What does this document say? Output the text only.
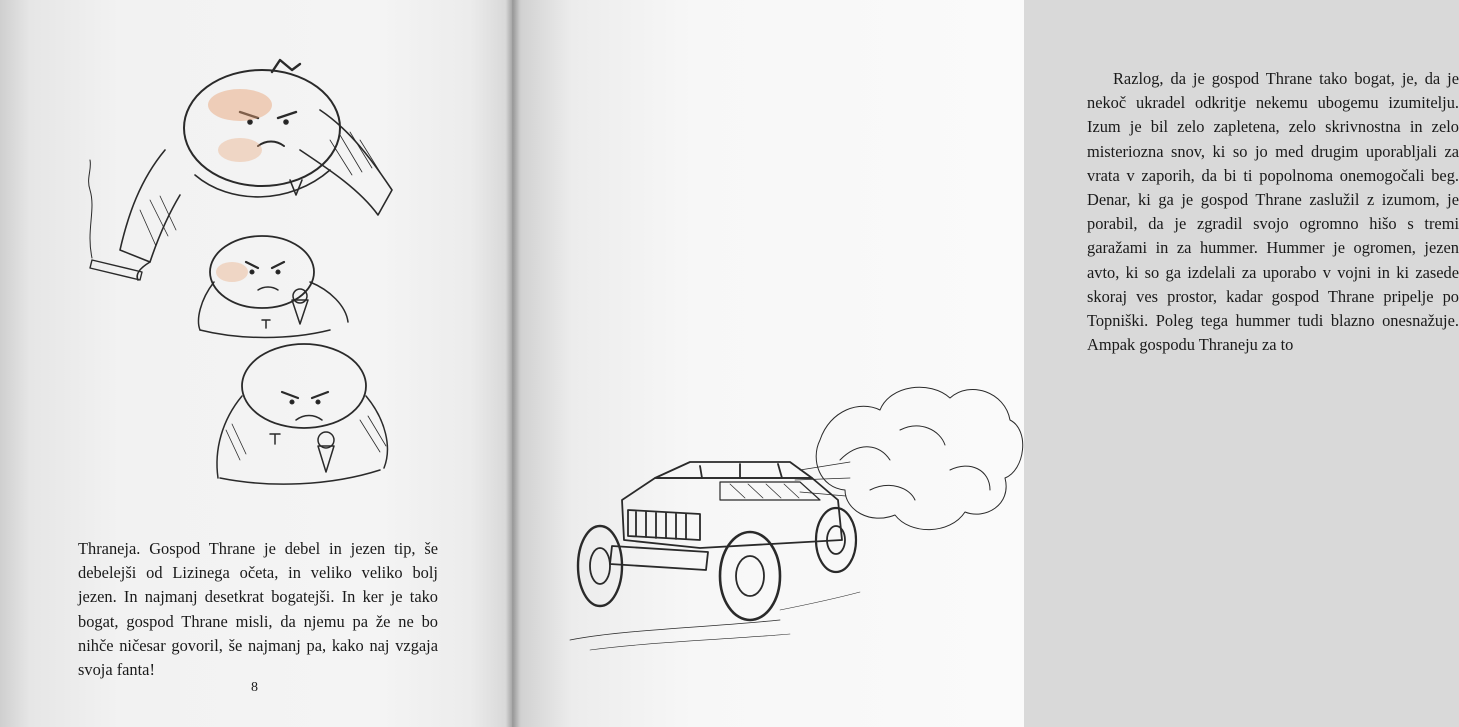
Thraneja. Gospod Thrane je debel in jezen tip, še debelejši od Lizinega očeta, in veliko veliko bolj jezen. In najmanj desetkrat bogatejši. In ker je tako bogat, gospod Thrane misli, da njemu pa že ne bo nihče ničesar govoril, še najmanj pa, kako naj vzgaja svoja fanta!

8

Razlog, da je gospod Thrane tako bogat, je, da je nekoč ukradel odkritje nekemu ubogemu izumitelju. Izum je bil zelo zapletena, zelo skrivnostna in zelo misteriozna snov, ki so jo med drugim uporabljali za vrata v zaporih, da bi ti popolnoma onemogočali beg. Denar, ki ga je gospod Thrane zaslužil z izumom, je porabil, da je zgradil svojo ogromno hišo s tremi garažami in za hummer. Hummer je ogromen, jezen avto, ki so ga izdelali za uporabo v vojni in ki zasede skoraj ves prostor, kadar gospod Thrane pripelje po Topniški. Poleg tega hummer tudi blazno onesnažuje. Ampak gospodu Thraneju za to
